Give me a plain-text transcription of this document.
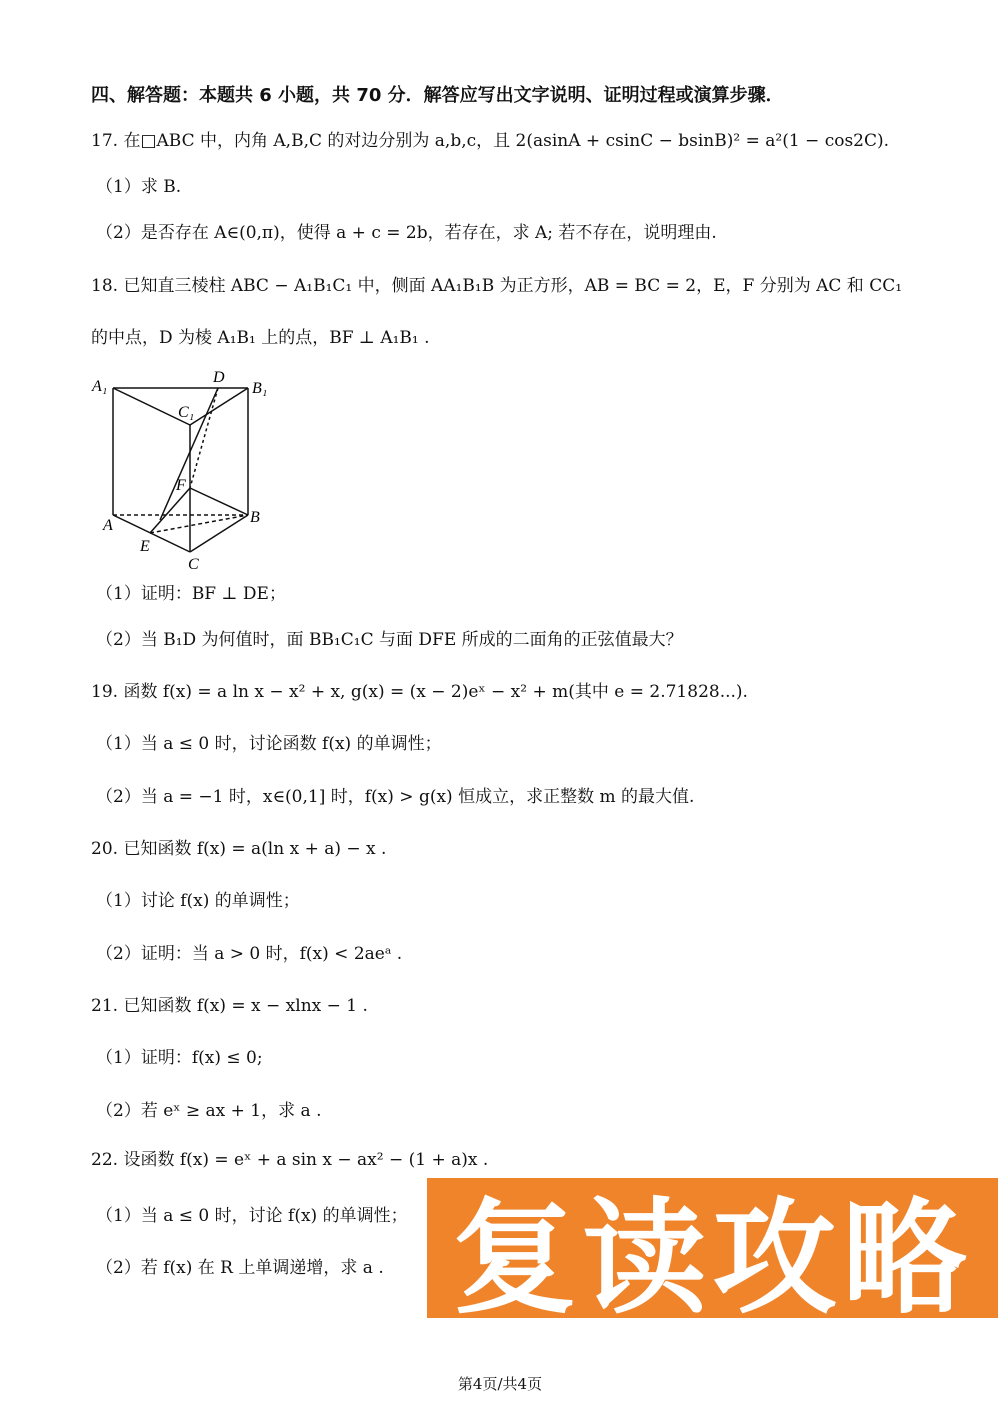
四、解答题：本题共 6 小题，共 70 分．解答应写出文字说明、证明过程或演算步骤．
17. 在□ABC 中，内角 A,B,C 的对边分别为 a,b,c，且 2(asinA + csinC − bsinB)² = a²(1 − cos2C).
（1）求 B.
（2）是否存在 A∈(0,π)，使得 a + c = 2b，若存在，求 A; 若不存在，说明理由.
18. 已知直三棱柱 ABC − A₁B₁C₁ 中，侧面 AA₁B₁B 为正方形，AB = BC = 2，E，F 分别为 AC 和 CC₁
的中点，D 为棱 A₁B₁ 上的点，BF ⊥ A₁B₁ .
A₁	B₁
C₁
D
F
A	B
C
E
（1）证明：BF ⊥ DE；
（2）当 B₁D 为何值时，面 BB₁C₁C 与面 DFE 所成的二面角的正弦值最大？
19. 函数 f(x) = a ln x − x² + x, g(x) = (x − 2)eˣ − x² + m(其中 e = 2.71828...).
（1）当 a ≤ 0 时，讨论函数 f(x) 的单调性；
（2）当 a = −1 时，x∈(0,1] 时，f(x) > g(x) 恒成立，求正整数 m 的最大值.
20. 已知函数 f(x) = a(ln x + a) − x .
（1）讨论 f(x) 的单调性；
（2）证明：当 a > 0 时，f(x) < 2aeᵃ .
21. 已知函数 f(x) = x − xlnx − 1 .
（1）证明：f(x) ≤ 0;
（2）若 eˣ ≥ ax + 1，求 a .
22. 设函数 f(x) = eˣ + a sin x − ax² − (1 + a)x .
（1）当 a ≤ 0 时，讨论 f(x) 的单调性；
（2）若 f(x) 在 R 上单调递增，求 a . 复读攻略
第4页/共4页
